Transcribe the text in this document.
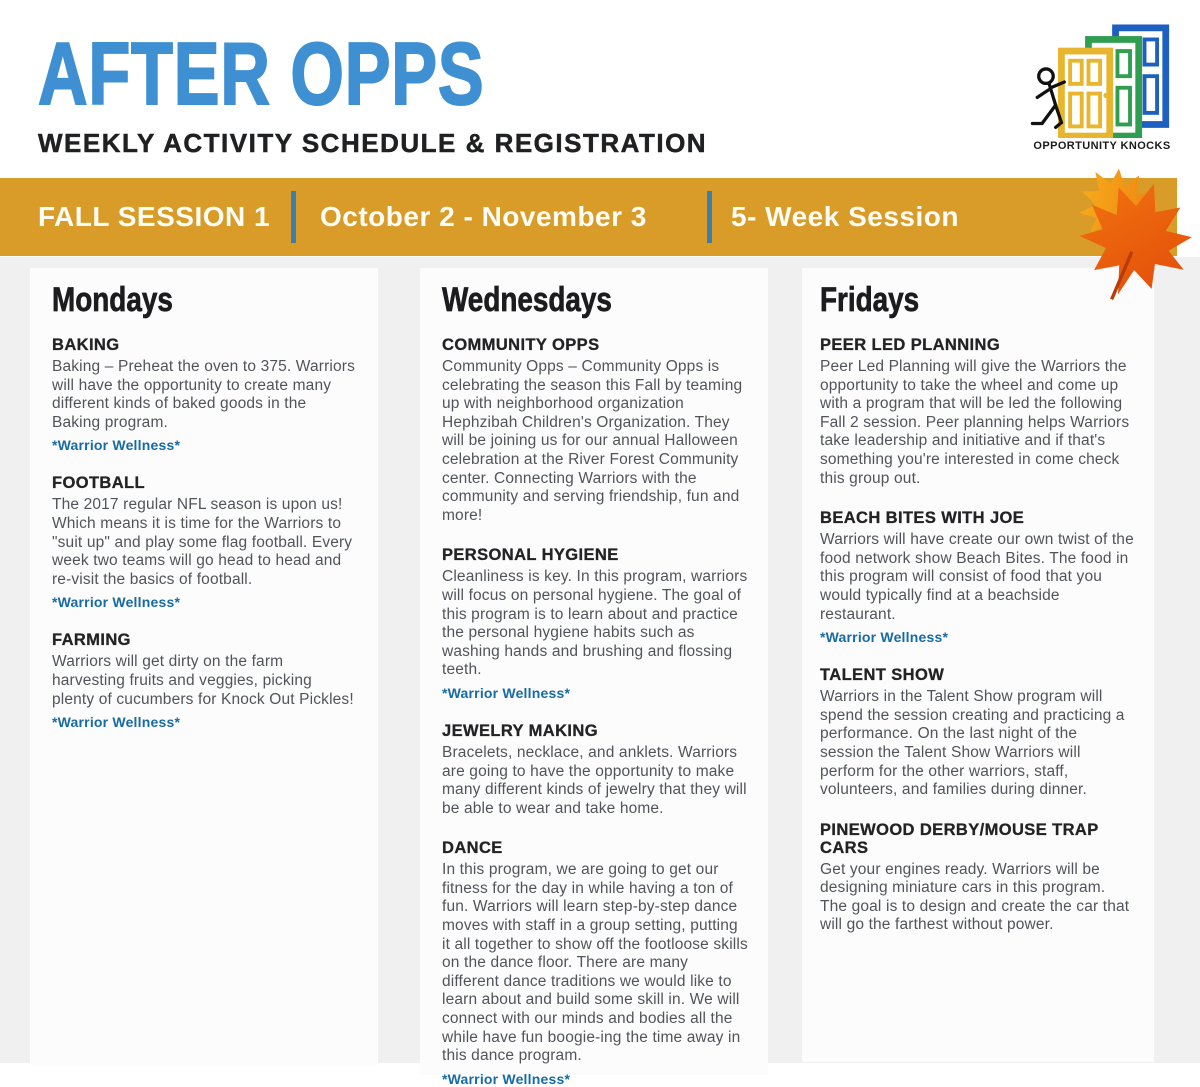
AFTER OPPS
WEEKLY ACTIVITY SCHEDULE & REGISTRATION	OPPORTUNITY KNOCKS
FALL SESSION 1 October 2 - November 3	5- Week Session
Mondays
BAKING
Baking – Preheat the oven to 375. Warriors will have the opportunity to create many different kinds of baked goods in the Baking program.
*Warrior Wellness*
FOOTBALL
The 2017 regular NFL season is upon us! Which means it is time for the Warriors to "suit up" and play some flag football. Every week two teams will go head to head and re-visit the basics of football.
*Warrior Wellness*
FARMING
Warriors will get dirty on the farm harvesting fruits and veggies, picking plenty of cucumbers for Knock Out Pickles!
*Warrior Wellness*
Wednesdays
COMMUNITY OPPS
Community Opps – Community Opps is celebrating the season this Fall by teaming up with neighborhood organization Hephzibah Children's Organization. They will be joining us for our annual Halloween celebration at the River Forest Community center. Connecting Warriors with the community and serving friendship, fun and more!
PERSONAL HYGIENE
Cleanliness is key. In this program, warriors will focus on personal hygiene. The goal of this program is to learn about and practice the personal hygiene habits such as washing hands and brushing and flossing teeth.
*Warrior Wellness*
JEWELRY MAKING
Bracelets, necklace, and anklets. Warriors are going to have the opportunity to make many different kinds of jewelry that they will be able to wear and take home.
DANCE
In this program, we are going to get our fitness for the day in while having a ton of fun. Warriors will learn step-by-step dance moves with staff in a group setting, putting it all together to show off the footloose skills on the dance floor. There are many different dance traditions we would like to learn about and build some skill in. We will connect with our minds and bodies all the while have fun boogie-ing the time away in this dance program.
*Warrior Wellness*
Fridays
PEER LED PLANNING
Peer Led Planning will give the Warriors the opportunity to take the wheel and come up with a program that will be led the following Fall 2 session. Peer planning helps Warriors take leadership and initiative and if that's something you're interested in come check this group out.
BEACH BITES WITH JOE
Warriors will have create our own twist of the food network show Beach Bites. The food in this program will consist of food that you would typically find at a beachside restaurant.
*Warrior Wellness*
TALENT SHOW
Warriors in the Talent Show program will spend the session creating and practicing a performance. On the last night of the session the Talent Show Warriors will perform for the other warriors, staff, volunteers, and families during dinner.
PINEWOOD DERBY/MOUSE TRAP CARS
Get your engines ready. Warriors will be designing miniature cars in this program. The goal is to design and create the car that will go the farthest without power.
